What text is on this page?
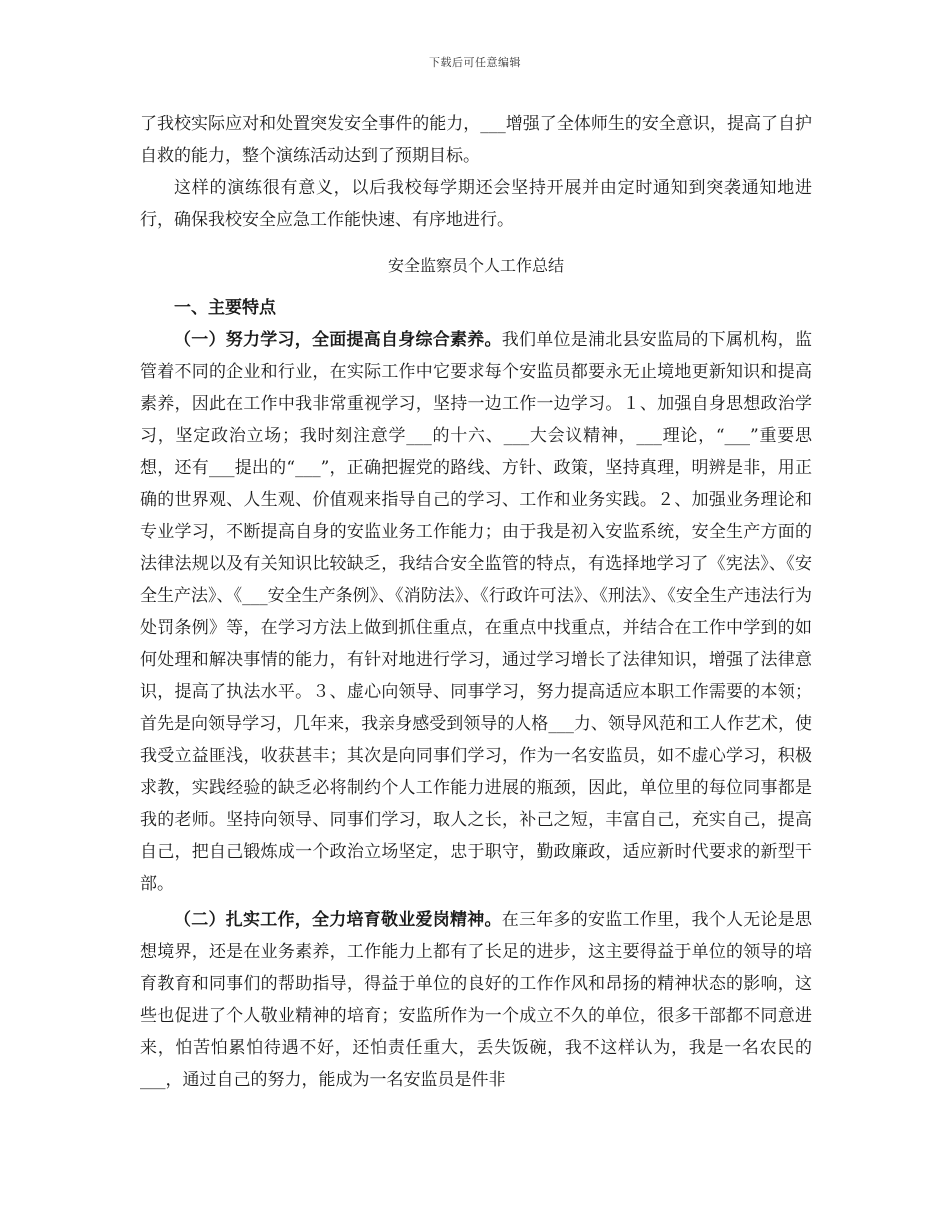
下载后可任意编辑

了我校实际应对和处置突发安全事件的能力，___增强了全体师生的安全意识，提高了自护自救的能力，整个演练活动达到了预期目标。

这样的演练很有意义，以后我校每学期还会坚持开展并由定时通知到突袭通知地进行，确保我校安全应急工作能快速、有序地进行。

安全监察员个人工作总结

一、主要特点

（一）努力学习，全面提高自身综合素养。我们单位是浦北县安监局的下属机构，监管着不同的企业和行业，在实际工作中它要求每个安监员都要永无止境地更新知识和提高素养，因此在工作中我非常重视学习，坚持一边工作一边学习。１、加强自身思想政治学习，坚定政治立场；我时刻注意学___的十六、___大会议精神，___理论，“___”重要思想，还有___提出的“___”，正确把握党的路线、方针、政策，坚持真理，明辨是非，用正确的世界观、人生观、价值观来指导自己的学习、工作和业务实践。２、加强业务理论和专业学习，不断提高自身的安监业务工作能力；由于我是初入安监系统，安全生产方面的法律法规以及有关知识比较缺乏，我结合安全监管的特点，有选择地学习了《宪法》、《安全生产法》、《___安全生产条例》、《消防法》、《行政许可法》、《刑法》、《安全生产违法行为处罚条例》等，在学习方法上做到抓住重点，在重点中找重点，并结合在工作中学到的如何处理和解决事情的能力，有针对地进行学习，通过学习增长了法律知识，增强了法律意识，提高了执法水平。３、虚心向领导、同事学习，努力提高适应本职工作需要的本领；首先是向领导学习，几年来，我亲身感受到领导的人格___力、领导风范和工人作艺术，使我受立益匪浅，收获甚丰；其次是向同事们学习，作为一名安监员，如不虚心学习，积极求教，实践经验的缺乏必将制约个人工作能力进展的瓶颈，因此，单位里的每位同事都是我的老师。坚持向领导、同事们学习，取人之长，补己之短，丰富自己，充实自己，提高自己，把自己锻炼成一个政治立场坚定，忠于职守，勤政廉政，适应新时代要求的新型干部。

（二）扎实工作，全力培育敬业爱岗精神。在三年多的安监工作里，我个人无论是思想境界，还是在业务素养，工作能力上都有了长足的进步，这主要得益于单位的领导的培育教育和同事们的帮助指导，得益于单位的良好的工作作风和昂扬的精神状态的影响，这些也促进了个人敬业精神的培育；安监所作为一个成立不久的单位，很多干部都不同意进来，怕苦怕累怕待遇不好，还怕责任重大，丢失饭碗，我不这样认为，我是一名农民的___，通过自己的努力，能成为一名安监员是件非
